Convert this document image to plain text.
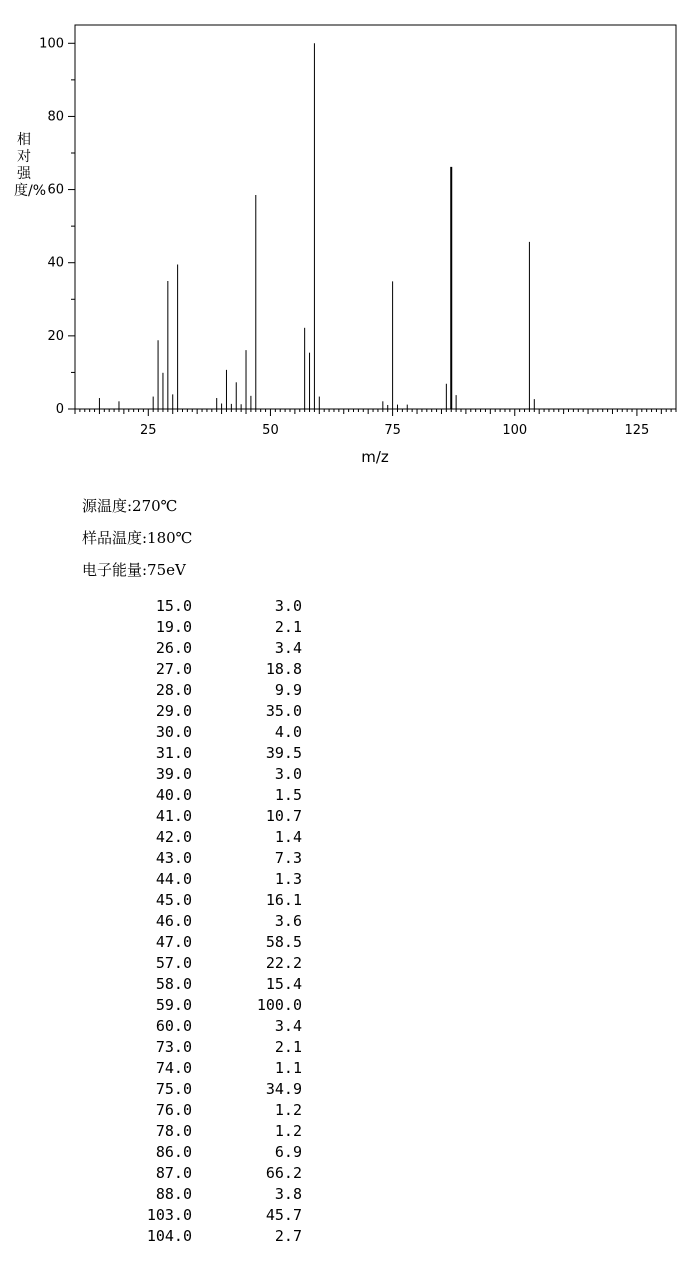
0
20
40
60
80
100
25	50	75	100	125
m/z
相对强度/%
源温度:270℃
样品温度:180℃
电子能量:75eV
15.0	3.0
19.0	2.1
26.0	3.4
27.0	18.8
28.0	9.9
29.0	35.0
30.0	4.0
31.0	39.5
39.0	3.0
40.0	1.5
41.0	10.7
42.0	1.4
43.0	7.3
44.0	1.3
45.0	16.1
46.0	3.6
47.0	58.5
57.0	22.2
58.0	15.4
59.0	100.0
60.0	3.4
73.0	2.1
74.0	1.1
75.0	34.9
76.0	1.2
78.0	1.2
86.0	6.9
87.0	66.2
88.0	3.8
103.0	45.7
104.0	2.7
